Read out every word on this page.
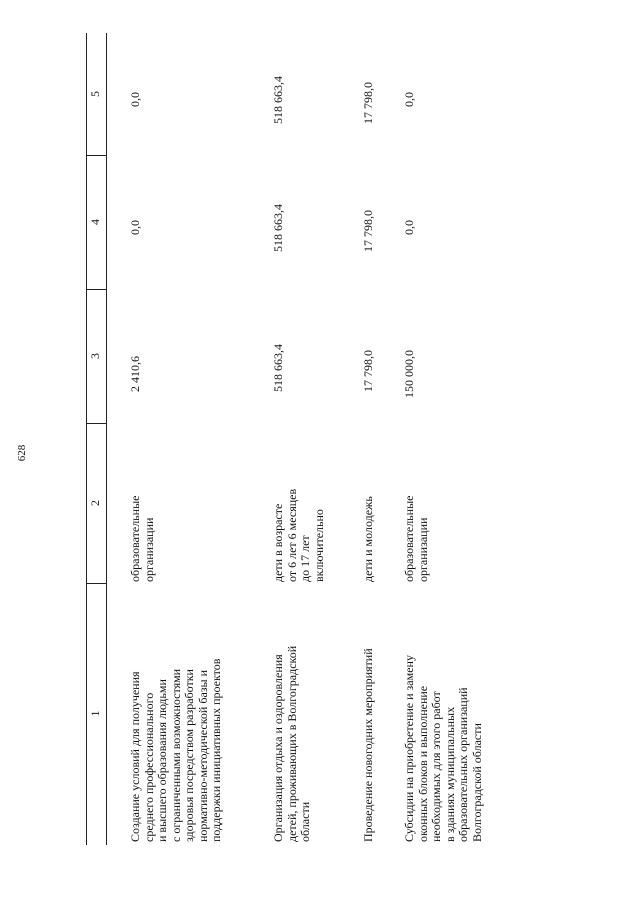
628
1
2
3
4
5
Создание условий для получения среднего профессионального и высшего образования людьми с ограниченными возможностями здоровья посредством разработки нормативно-методической базы и поддержки инициативных проектов
образовательные организации
2 410,6
0,0
0,0
Организация отдыха и оздоровления детей, проживающих в Волгоградской области
дети в возрасте от 6 лет 6 месяцев до 17 лет включительно
518 663,4
518 663,4
518 663,4
Проведение новогодних мероприятий
дети и молодежь
17 798,0
17 798,0
17 798,0
Субсидии на приобретение и замену оконных блоков и выполнение необходимых для этого работ в зданиях муниципальных образовательных организаций Волгоградской области
образовательные организации
150 000,0
0,0
0,0
